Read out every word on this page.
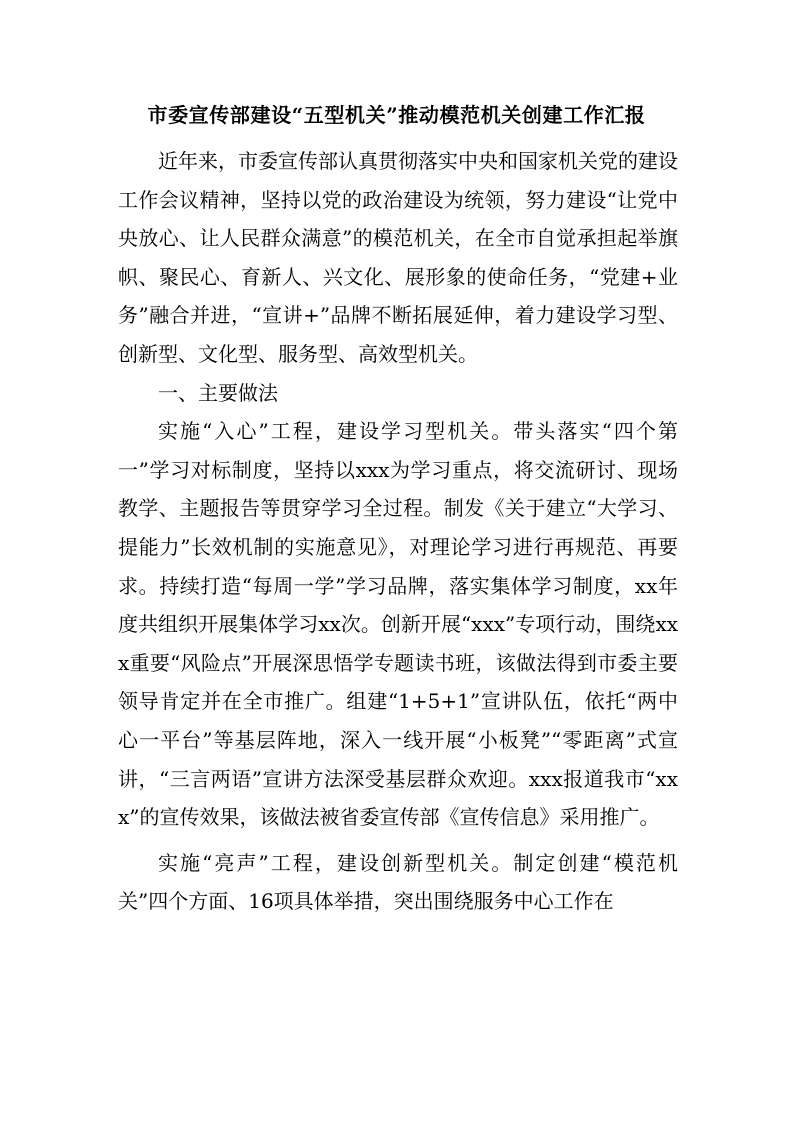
市委宣传部建设“五型机关”推动模范机关创建工作汇报

近年来，市委宣传部认真贯彻落实中央和国家机关党的建设工作会议精神，坚持以党的政治建设为统领，努力建设“让党中央放心、让人民群众满意”的模范机关，在全市自觉承担起举旗帜、聚民心、育新人、兴文化、展形象的使命任务，“党建+业务”融合并进，“宣讲+”品牌不断拓展延伸，着力建设学习型、创新型、文化型、服务型、高效型机关。

一、主要做法

实施“入心”工程，建设学习型机关。带头落实“四个第一”学习对标制度，坚持以xxx为学习重点，将交流研讨、现场教学、主题报告等贯穿学习全过程。制发《关于建立“大学习、提能力”长效机制的实施意见》，对理论学习进行再规范、再要求。持续打造“每周一学”学习品牌，落实集体学习制度，xx年度共组织开展集体学习xx次。创新开展“xxx”专项行动，围绕xxx重要“风险点”开展深思悟学专题读书班，该做法得到市委主要领导肯定并在全市推广。组建“1+5+1”宣讲队伍，依托“两中心一平台”等基层阵地，深入一线开展“小板凳”“零距离”式宣讲，“三言两语”宣讲方法深受基层群众欢迎。xxx报道我市“xxx”的宣传效果，该做法被省委宣传部《宣传信息》采用推广。

实施“亮声”工程，建设创新型机关。制定创建“模范机关”四个方面、16项具体举措，突出围绕服务中心工作在
